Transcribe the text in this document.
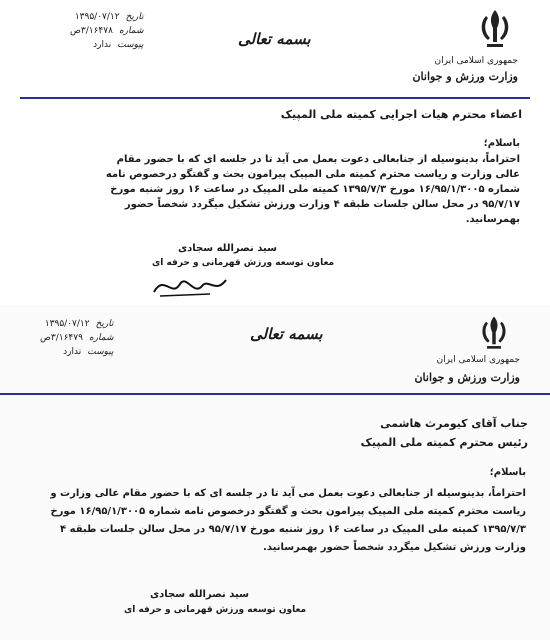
جمهوری اسلامی ایران
وزارت ورزش و جوانان
بسمه تعالی
تاریخ
۱۳۹۵/۰۷/۱۲
شماره
۳/۱۶۴۷۸ص
پیوست
ندارد
اعضاء محترم هیات اجرایی کمیته ملی المپیک
باسلام؛
احتراماً، بدینوسیله از جنابعالی دعوت بعمل می آید تا در جلسه ای که با حضور مقام عالی وزارت و ریاست محترم کمیته ملی المپیک پیرامون بحث و گفتگو درخصوص نامه شماره ۱۶/۹۵/۱/۳۰۰۵ مورخ ۱۳۹۵/۷/۳ کمیته ملی المپیک در ساعت ۱۶ روز شنبه مورخ ۹۵/۷/۱۷ در محل سالن جلسات طبقه ۴ وزارت ورزش تشکیل میگردد شخصاً حضور بهمرسانید.
سید نصرالله سجادی
معاون توسعه ورزش قهرمانی و حرفه ای
جمهوری اسلامی ایران
وزارت ورزش و جوانان
بسمه تعالی
تاریخ
۱۳۹۵/۰۷/۱۲
شماره
۳/۱۶۴۷۹ص
پیوست
ندارد
جناب آقای کیومرث هاشمی
رئیس محترم کمیته ملی المپیک
باسلام؛
احتراماً، بدینوسیله از جنابعالی دعوت بعمل می آید تا در جلسه ای که با حضور مقام عالی وزارت و ریاست محترم کمیته ملی المپیک پیرامون بحث و گفتگو درخصوص نامه شماره ۱۶/۹۵/۱/۳۰۰۵ مورخ ۱۳۹۵/۷/۳ کمیته ملی المپیک در ساعت ۱۶ روز شنبه مورخ ۹۵/۷/۱۷ در محل سالن جلسات طبقه ۴ وزارت ورزش تشکیل میگردد شخصاً حضور بهمرسانید.
سید نصرالله سجادی
معاون توسعه ورزش قهرمانی و حرفه ای
